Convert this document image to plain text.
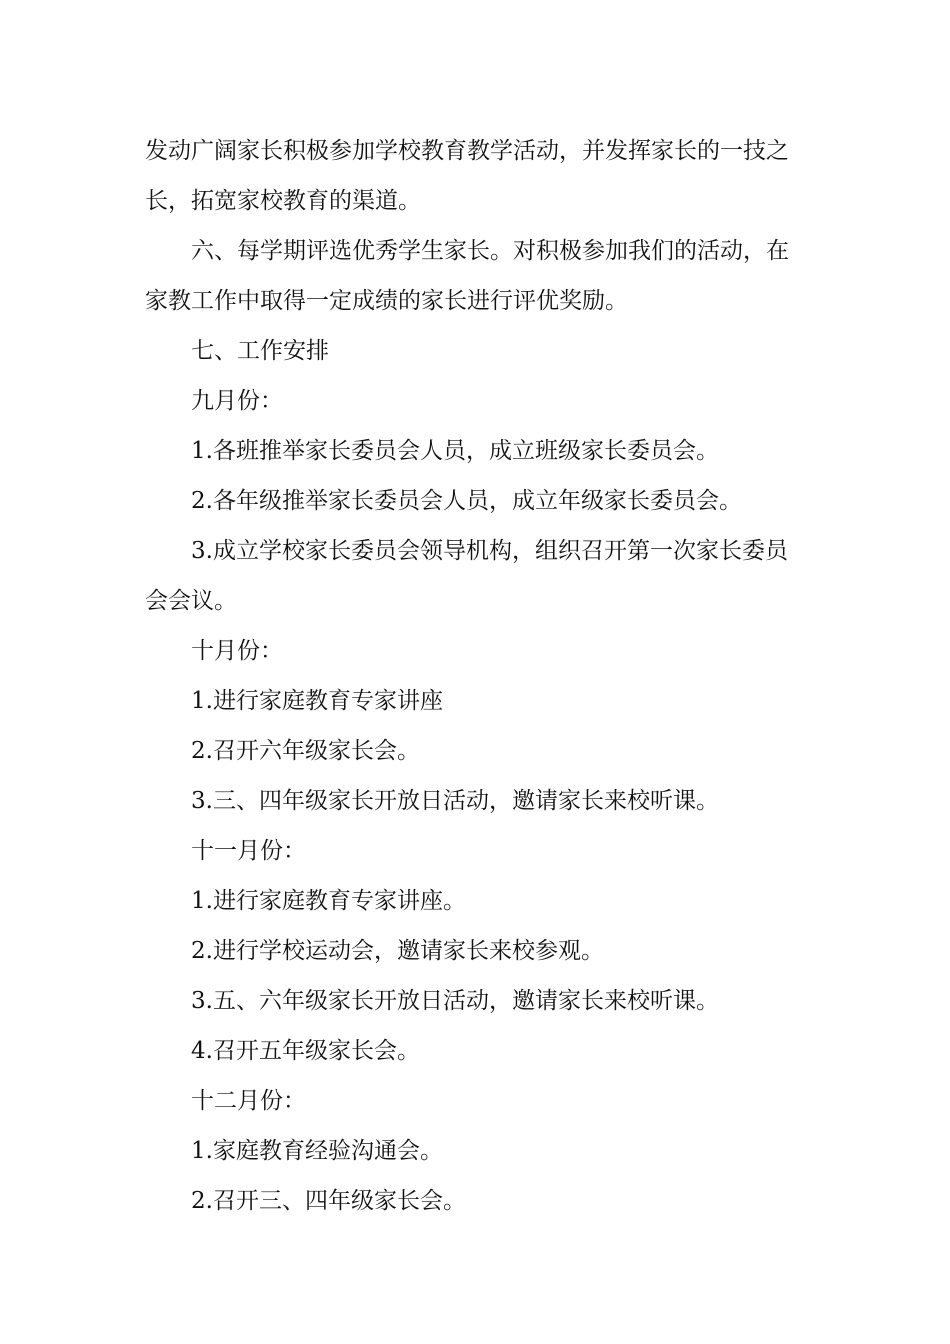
发动广阔家长积极参加学校教育教学活动，并发挥家长的一技之长，拓宽家校教育的渠道。

六、每学期评选优秀学生家长。对积极参加我们的活动，在家教工作中取得一定成绩的家长进行评优奖励。

七、工作安排

九月份：

1.各班推举家长委员会人员，成立班级家长委员会。

2.各年级推举家长委员会人员，成立年级家长委员会。

3.成立学校家长委员会领导机构，组织召开第一次家长委员会会议。

十月份：

1.进行家庭教育专家讲座

2.召开六年级家长会。

3.三、四年级家长开放日活动，邀请家长来校听课。

十一月份：

1.进行家庭教育专家讲座。

2.进行学校运动会，邀请家长来校参观。

3.五、六年级家长开放日活动，邀请家长来校听课。

4.召开五年级家长会。

十二月份：

1.家庭教育经验沟通会。

2.召开三、四年级家长会。
